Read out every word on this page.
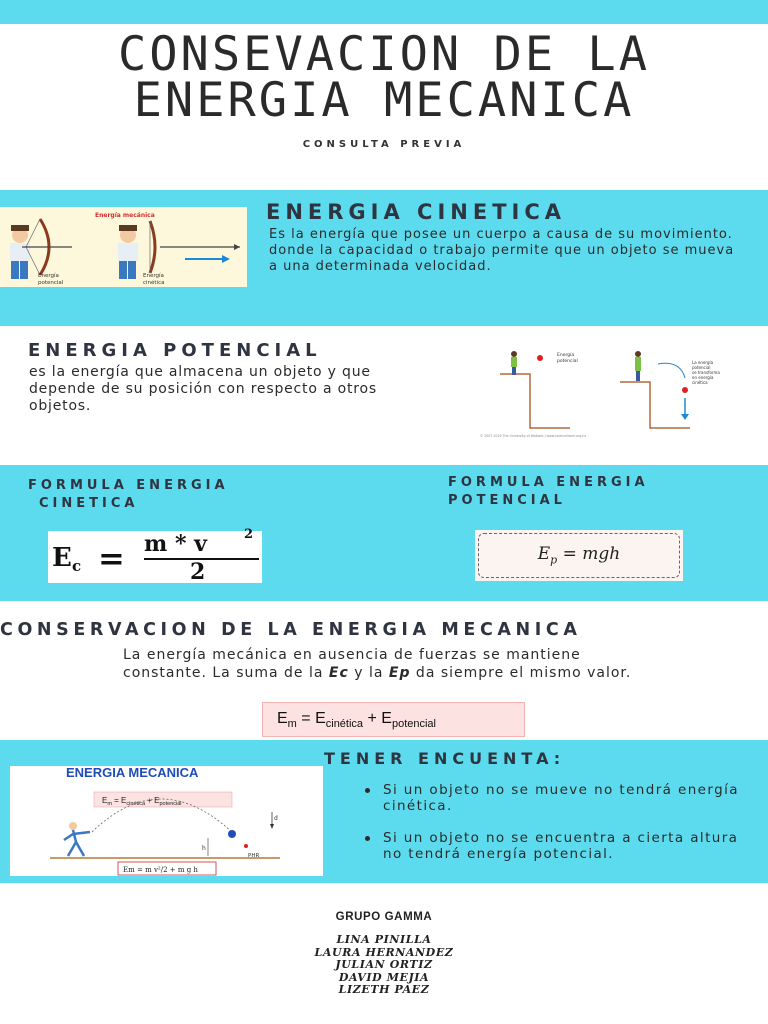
CONSEVACION DE LA
ENERGIA MECANICA
CONSULTA PREVIA
Energía mecánica
Energía
potencial
Energía
cinética
ENERGIA CINETICA
Es la energía que posee un cuerpo a causa de su movimiento. donde la capacidad o trabajo permite que un objeto se mueva a una determinada velocidad.
ENERGIA POTENCIAL
es la energía que almacena un objeto y que depende de su posición con respecto a otros objetos.
Energía
potencial	La energía
potencial
se transforma
en energía
cinética
© 2007-2019 The University of Waikato | www.sciencelearn.org.nz
FORMULA ENERGIA
CINETICA
FORMULA ENERGIA
POTENCIAL
E c = m * v	2
2
$E_p$ = mgh
CONSERVACION DE LA ENERGIA MECANICA
La energía mecánica en ausencia de fuerzas se mantiene constante. La suma de la Ec y la Ep da siempre el mismo valor.
$E_m = E_{cinética} + E_{potencial}$
ENERGIA MECANICA
$E_m = E_{cinética} + E_{potencial}$
h
d
PHR
Em = m v²/2 + m g h
TENER ENCUENTA:
Si un objeto no se mueve no tendrá energía cinética.
Si un objeto no se encuentra a cierta altura no tendrá energía potencial.
GRUPO GAMMA
LINA PINILLA
LAURA HERNANDEZ
JULIAN ORTIZ
DAVID MEJIA
LIZETH PAEZ
